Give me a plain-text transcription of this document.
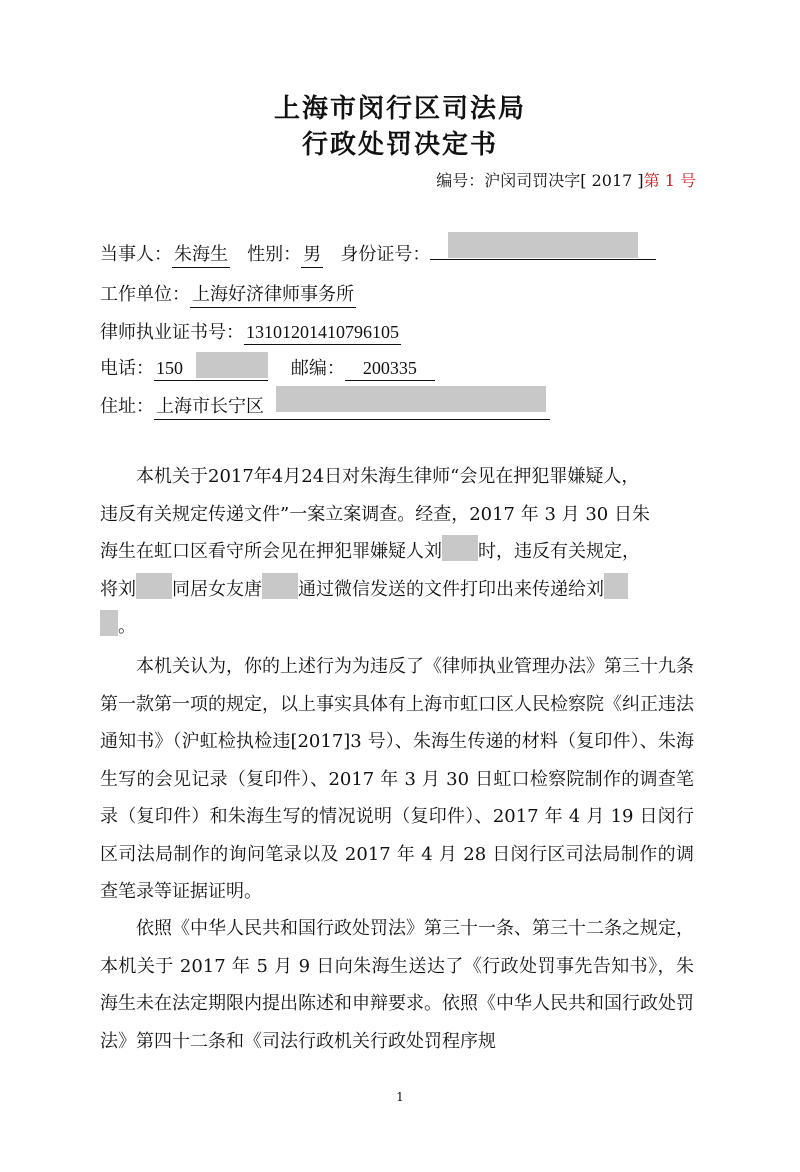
上海市闵行区司法局
行政处罚决定书
编号：沪闵司罚决字[ 2017 ]第 1 号
当事人： 朱海生 性别： 男 身份证号：
工作单位： 上海好济律师事务所
律师执业证书号： 13101201410796105
电话： 150	邮编： 200335
住址： 上海市长宁区
本机关于2017年4月24日对朱海生律师“会见在押犯罪嫌疑人，

违反有关规定传递文件”一案立案调查。经查，2017 年 3 月 30 日朱
海生在虹口区看守所会见在押犯罪嫌疑人刘 时，违反有关规定，
将刘 同居女友唐 通过微信发送的文件打印出来传递给刘
。
本机关认为，你的上述行为为违反了《律师执业管理办法》第三十九条第一款第一项的规定，以上事实具体有上海市虹口区人民检察院《纠正违法通知书》（沪虹检执检违[2017]3 号）、朱海生传递的材料（复印件）、朱海生写的会见记录（复印件）、2017 年 3 月 30 日虹口检察院制作的调查笔录（复印件）和朱海生写的情况说明（复印件）、2017 年 4 月 19 日闵行区司法局制作的询问笔录以及 2017 年 4 月 28 日闵行区司法局制作的调查笔录等证据证明。
依照《中华人民共和国行政处罚法》第三十一条、第三十二条之规定，本机关于 2017 年 5 月 9 日向朱海生送达了《行政处罚事先告知书》，朱海生未在法定期限内提出陈述和申辩要求。依照《中华人民共和国行政处罚法》第四十二条和《司法行政机关行政处罚程序规
1
